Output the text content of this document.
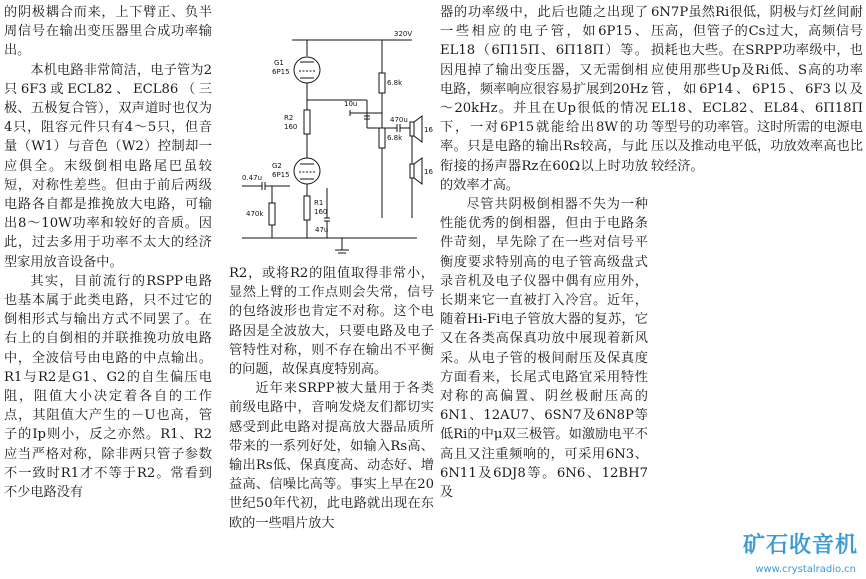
的阴极耦合而来，上下臂正、负半周信号在输出变压器里合成功率输出。

本机电路非常简洁，电子管为2只6F3或ECL82、ECL86（三极、五极复合管），双声道时也仅为4只，阻容元件只有4～5只，但音量（W1）与音色（W2）控制却一应俱全。末级倒相电路尾巴虽较短，对称性差些。但由于前后两级电路各自都是推挽放大电路，可输出8～10W功率和较好的音质。因此，过去多用于功率不太大的经济型家用放音设备中。

其实，目前流行的RSPP电路也基本属于此类电路，只不过它的倒相形式与输出方式不同罢了。在右上的自倒相的并联推挽功放电路中，全波信号由电路的中点输出。R1与R2是G1、G2的自生偏压电阻，阻值大小决定着各自的工作点，其阻值大产生的－U也高，管子的Ip则小，反之亦然。R1、R2应当严格对称，除非两只管子参数不一致时R1才不等于R2。常看到不少电路没有

320V
G1
6P15
G2
6P15
R2
160
R1
160
6.8k
6.8k
10u
470u
47u
0.47u
470k
16
16

R2，或将R2的阻值取得非常小，显然上臂的工作点则会失常，信号的包络波形也肯定不对称。这个电路因是全波放大，只要电路及电子管特性对称，则不存在输出不平衡的问题，故保真度特别高。

近年来SRPP被大量用于各类前级电路中，音响发烧友们都切实感受到此电路对提高放大器品质所带来的一系列好处，如输入Rs高、输出Rs低、保真度高、动态好、增益高、信噪比高等。事实上早在20世纪50年代初，此电路就出现在东欧的一些唱片放大

器的功率级中，此后也随之出现了一些相应的电子管，如6P15、EL18（6Π15П、6Π18П）等。因甩掉了输出变压器，又无需倒相电路，频率响应很容易扩展到20Hz～20kHz。并且在Up很低的情况下，一对6P15就能给出8W的功率。只是电路的输出Rs较高，与此衔接的扬声器Rz在60Ω以上时功放的效率才高。

尽管共阴极倒相器不失为一种性能优秀的倒相器，但由于电路条件苛刻，早先除了在一些对信号平衡度要求特别高的电子管高级盘式录音机及电子仪器中偶有应用外，长期来它一直被打入冷宫。近年，随着Hi-Fi电子管放大器的复苏，它又在各类高保真功放中展现着新风采。从电子管的极间耐压及保真度方面看来，长尾式电路宜采用特性对称的高偏置、阴丝极耐压高的6N1、12AU7、6SN7及6N8P等低Ri的中μ双三极管。如激励电平不高且又注重频响的，可采用6N3、6N11及6DJ8等。6N6、12BH7及

6N7P虽然Ri很低，阴极与灯丝间耐压高，但管子的Cs过大，高频信号损耗也大些。在SRPP功率级中，也应使用那些Up及Ri低、S高的功率管，如6P14、6P15、6F3以及EL18、ECL82、EL84、6Π18П等型号的功率管。这时所需的电源电压以及推动电平低，功放效率高也比较经济。

矿石收音机
www.crystalradio.cn
